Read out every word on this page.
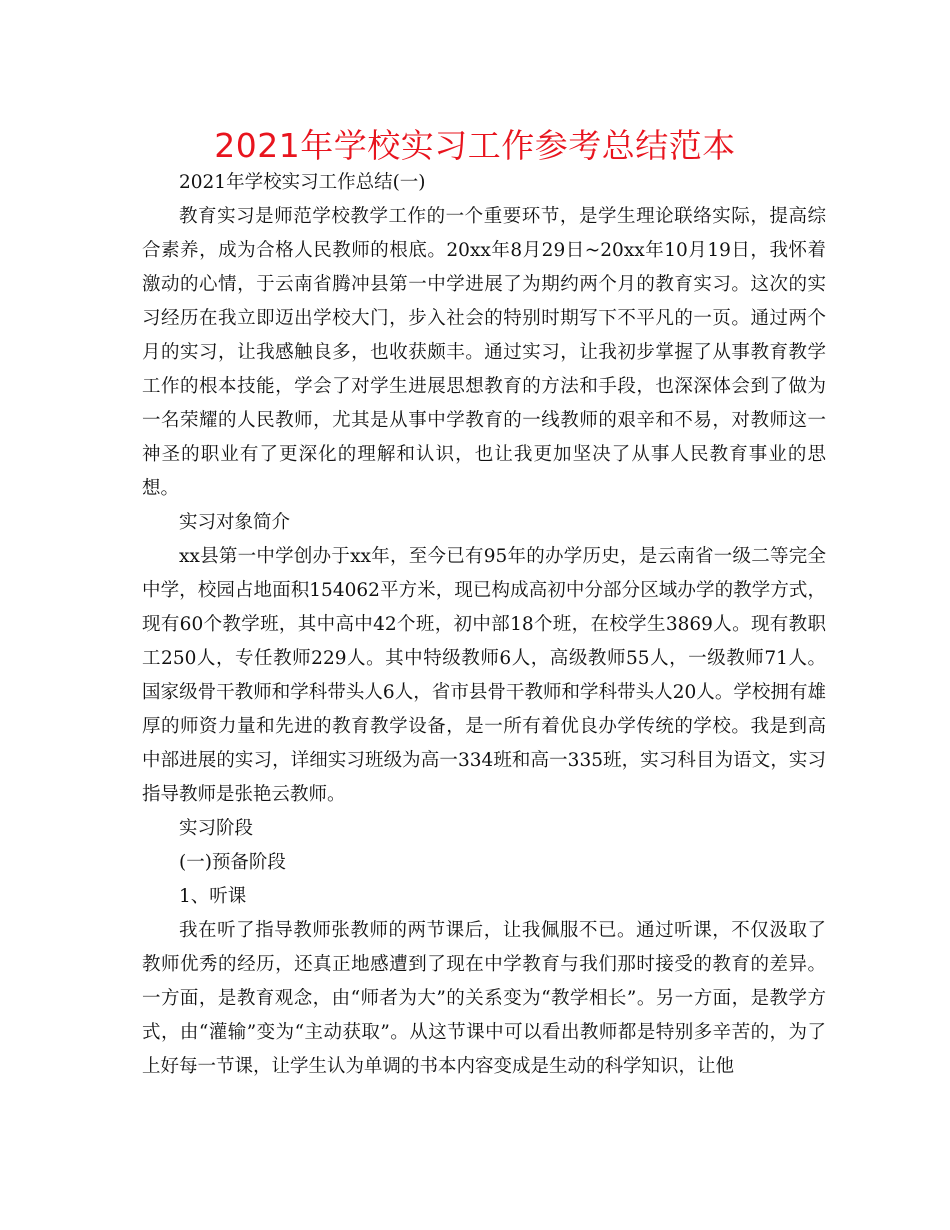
2021年学校实习工作参考总结范本

2021年学校实习工作总结(一)

教育实习是师范学校教学工作的一个重要环节，是学生理论联络实际，提高综合素养，成为合格人民教师的根底。20xx年8月29日~20xx年10月19日，我怀着激动的心情，于云南省腾冲县第一中学进展了为期约两个月的教育实习。这次的实习经历在我立即迈出学校大门，步入社会的特别时期写下不平凡的一页。通过两个月的实习，让我感触良多，也收获颇丰。通过实习，让我初步掌握了从事教育教学工作的根本技能，学会了对学生进展思想教育的方法和手段，也深深体会到了做为一名荣耀的人民教师，尤其是从事中学教育的一线教师的艰辛和不易，对教师这一神圣的职业有了更深化的理解和认识，也让我更加坚决了从事人民教育事业的思想。

实习对象简介

xx县第一中学创办于xx年，至今已有95年的办学历史，是云南省一级二等完全中学，校园占地面积154062平方米，现已构成高初中分部分区域办学的教学方式，现有60个教学班，其中高中42个班，初中部18个班，在校学生3869人。现有教职工250人，专任教师229人。其中特级教师6人，高级教师55人，一级教师71人。国家级骨干教师和学科带头人6人，省市县骨干教师和学科带头人20人。学校拥有雄厚的师资力量和先进的教育教学设备，是一所有着优良办学传统的学校。我是到高中部进展的实习，详细实习班级为高一334班和高一335班，实习科目为语文，实习指导教师是张艳云教师。

实习阶段

(一)预备阶段

1、听课

我在听了指导教师张教师的两节课后，让我佩服不已。通过听课，不仅汲取了教师优秀的经历，还真正地感遭到了现在中学教育与我们那时接受的教育的差异。一方面，是教育观念，由“师者为大”的关系变为“教学相长”。另一方面，是教学方式，由“灌输”变为“主动获取”。从这节课中可以看出教师都是特别多辛苦的，为了上好每一节课，让学生认为单调的书本内容变成是生动的科学知识，让他
